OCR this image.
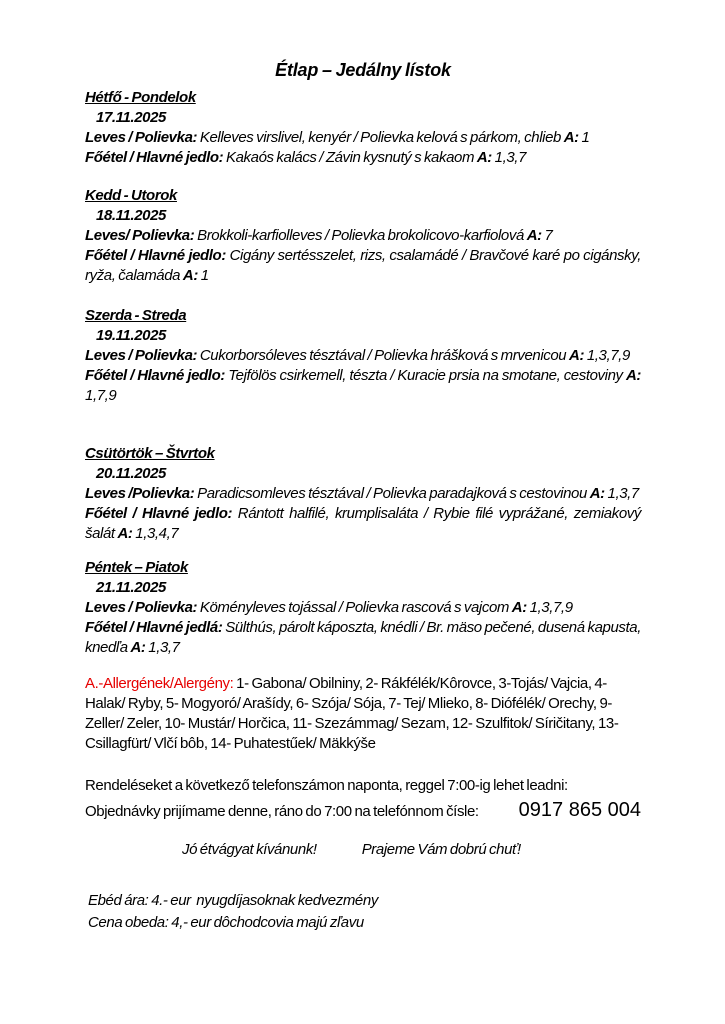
Étlap – Jedálny lístok
Hétfő - Pondelok
17.11.2025

Leves / Polievka: Kelleves virslivel, kenyér / Polievka kelová s párkom, chlieb A: 1

Főétel / Hlavné jedlo: Kakaós kalács / Závin kysnutý s kakaom A: 1,3,7

Kedd - Utorok
18.11.2025

Leves/ Polievka: Brokkoli-karfiolleves / Polievka brokolicovo-karfiolová A: 7

Főétel / Hlavné jedlo: Cigány sertésszelet, rizs, csalamádé / Bravčové karé po cigánsky, ryža, čalamáda A: 1

Szerda - Streda
19.11.2025

Leves / Polievka: Cukorborsóleves tésztával / Polievka hrášková s mrvenicou A: 1,3,7,9

Főétel / Hlavné jedlo: Tejfölös csirkemell, tészta / Kuracie prsia na smotane, cestoviny A: 1,7,9

Csütörtök – Štvrtok
20.11.2025

Leves /Polievka: Paradicsomleves tésztával / Polievka paradajková s cestovinou A: 1,3,7

Főétel / Hlavné jedlo: Rántott halfilé, krumplisaláta / Rybie filé vyprážané, zemiakový šalát A: 1,3,4,7

Péntek – Piatok
21.11.2025

Leves / Polievka: Köményleves tojással / Polievka rascová s vajcom A: 1,3,7,9

Főétel / Hlavné jedlá: Sülthús, párolt káposzta, knédli / Br. mäso pečené, dusená kapusta, knedľa A: 1,3,7

A.-Allergének/Alergény: 1- Gabona/ Obilniny, 2- Rákfélék/Kôrovce, 3-Tojás/ Vajcia, 4- Halak/ Ryby, 5- Mogyoró/ Arašídy, 6- Szója/ Sója, 7- Tej/ Mlieko, 8- Diófélék/ Orechy, 9- Zeller/ Zeler, 10- Mustár/ Horčica, 11- Szezámmag/ Sezam, 12- Szulfitok/ Síričitany, 13- Csillagfürt/ Vlčí bôb, 14- Puhatestűek/ Mäkkýše

Rendeléseket a következő telefonszámon naponta, reggel 7:00-ig lehet leadni:

Objednávky prijímame denne, ráno do 7:00 na telefónnom čísle: 0917 865 004

Jó étvágyat kívánunk!	Prajeme Vám dobrú chuť!

Ebéd ára: 4.- eur  nyugdíjasoknak kedvezmény

Cena obeda: 4,- eur dôchodcovia majú zľavu
